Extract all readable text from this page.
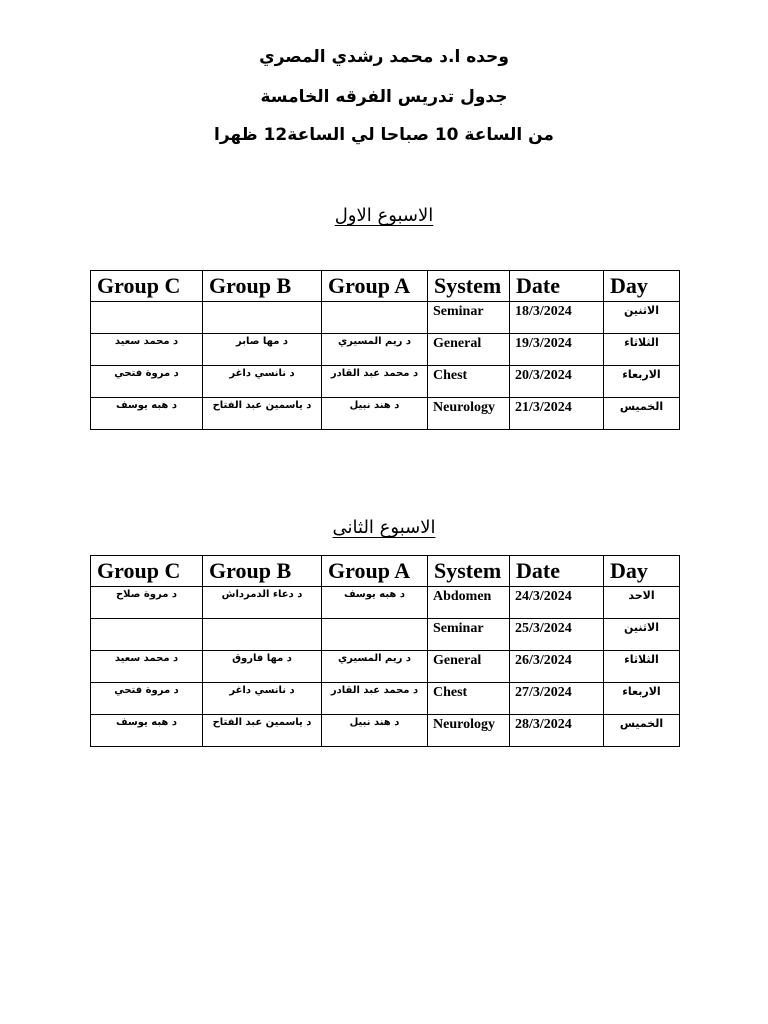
وحده ا.د محمد رشدي المصري
جدول تدريس الفرقه الخامسة
من الساعة 10 صباحا لي الساعة12 ظهرا
الاسبوع الاول
Group C	Group B	Group A	System	Date	Day
			Seminar	18/3/2024	الاثنين
د محمد سعيد	د مها صابر	د ريم المسيري	General	19/3/2024	الثلاثاء
د مروة فتحي	د نانسي داغر	د محمد عبد القادر	Chest	20/3/2024	الاربعاء
د هبه يوسف	د ياسمين عبد الفتاح	د هند نبيل	Neurology	21/3/2024	الخميس
الاسبوع الثانى
Group C	Group B	Group A	System	Date	Day
د مروة صلاح	د دعاء الدمرداش	د هبه يوسف	Abdomen	24/3/2024	الاحد
			Seminar	25/3/2024	الاثنين
د محمد سعيد	د مها فاروق	د ريم المسيري	General	26/3/2024	الثلاثاء
د مروة فتحي	د نانسي داغر	د محمد عبد القادر	Chest	27/3/2024	الاربعاء
د هبه يوسف	د ياسمين عبد الفتاح	د هند نبيل	Neurology	28/3/2024	الخميس
